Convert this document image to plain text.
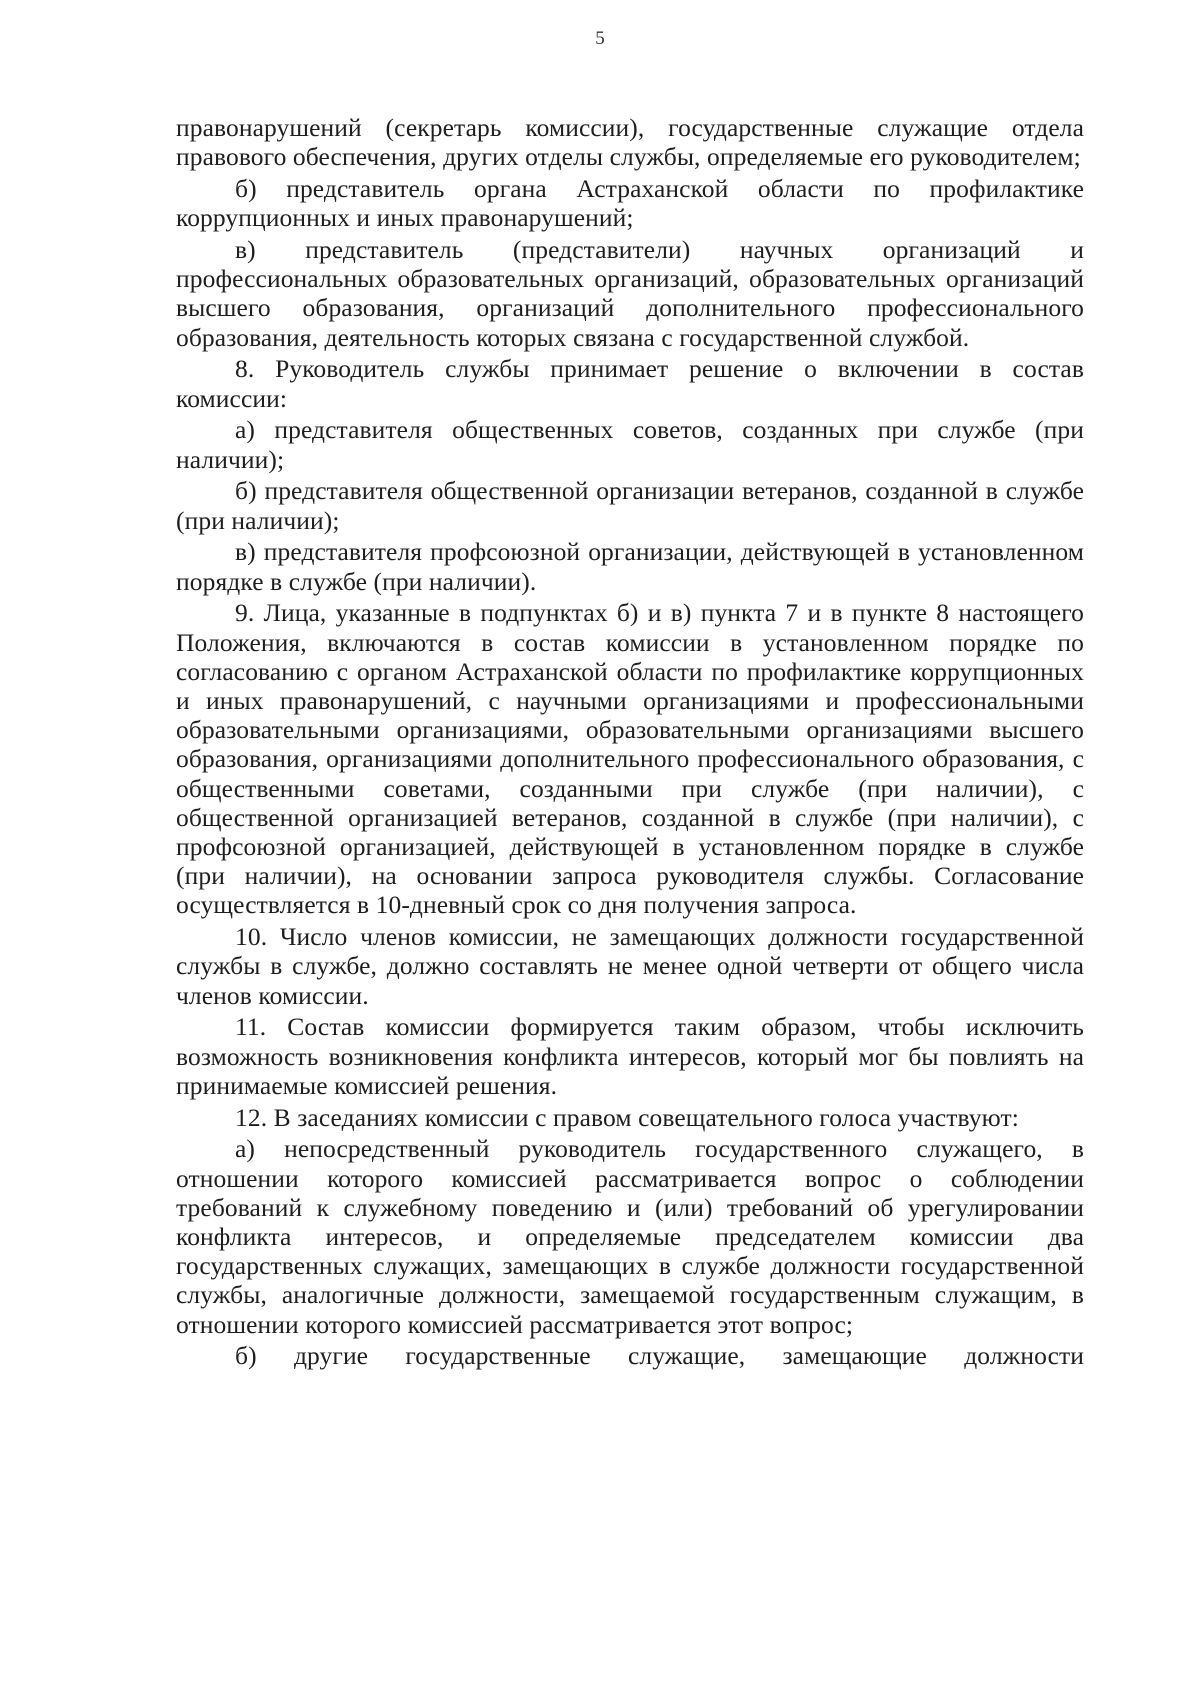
5

правонарушений (секретарь комиссии), государственные служащие отдела правового обеспечения, других отделы службы, определяемые его руководителем;

б) представитель органа Астраханской области по профилактике коррупционных и иных правонарушений;

в) представитель (представители) научных организаций и профессиональных образовательных организаций, образовательных организаций высшего образования, организаций дополнительного профессионального образования, деятельность которых связана с государственной службой.

8. Руководитель службы принимает решение о включении в состав комиссии:

а) представителя общественных советов, созданных при службе (при наличии);

б) представителя общественной организации ветеранов, созданной в службе (при наличии);

в) представителя профсоюзной организации, действующей в установленном порядке в службе (при наличии).

9. Лица, указанные в подпунктах б) и в) пункта 7 и в пункте 8 настоящего Положения, включаются в состав комиссии в установленном порядке по согласованию с органом Астраханской области по профилактике коррупционных и иных правонарушений, с научными организациями и профессиональными образовательными организациями, образовательными организациями высшего образования, организациями дополнительного профессионального образования, с общественными советами, созданными при службе (при наличии), с общественной организацией ветеранов, созданной в службе (при наличии), с профсоюзной организацией, действующей в установленном порядке в службе (при наличии), на основании запроса руководителя службы. Согласование осуществляется в 10-дневный срок со дня получения запроса.

10. Число членов комиссии, не замещающих должности государственной службы в службе, должно составлять не менее одной четверти от общего числа членов комиссии.

11. Состав комиссии формируется таким образом, чтобы исключить возможность возникновения конфликта интересов, который мог бы повлиять на принимаемые комиссией решения.

12. В заседаниях комиссии с правом совещательного голоса участвуют:

а) непосредственный руководитель государственного служащего, в отношении которого комиссией рассматривается вопрос о соблюдении требований к служебному поведению и (или) требований об урегулировании конфликта интересов, и определяемые председателем комиссии два государственных служащих, замещающих в службе должности государственной службы, аналогичные должности, замещаемой государственным служащим, в отношении которого комиссией рассматривается этот вопрос;

б) другие государственные служащие, замещающие должности
